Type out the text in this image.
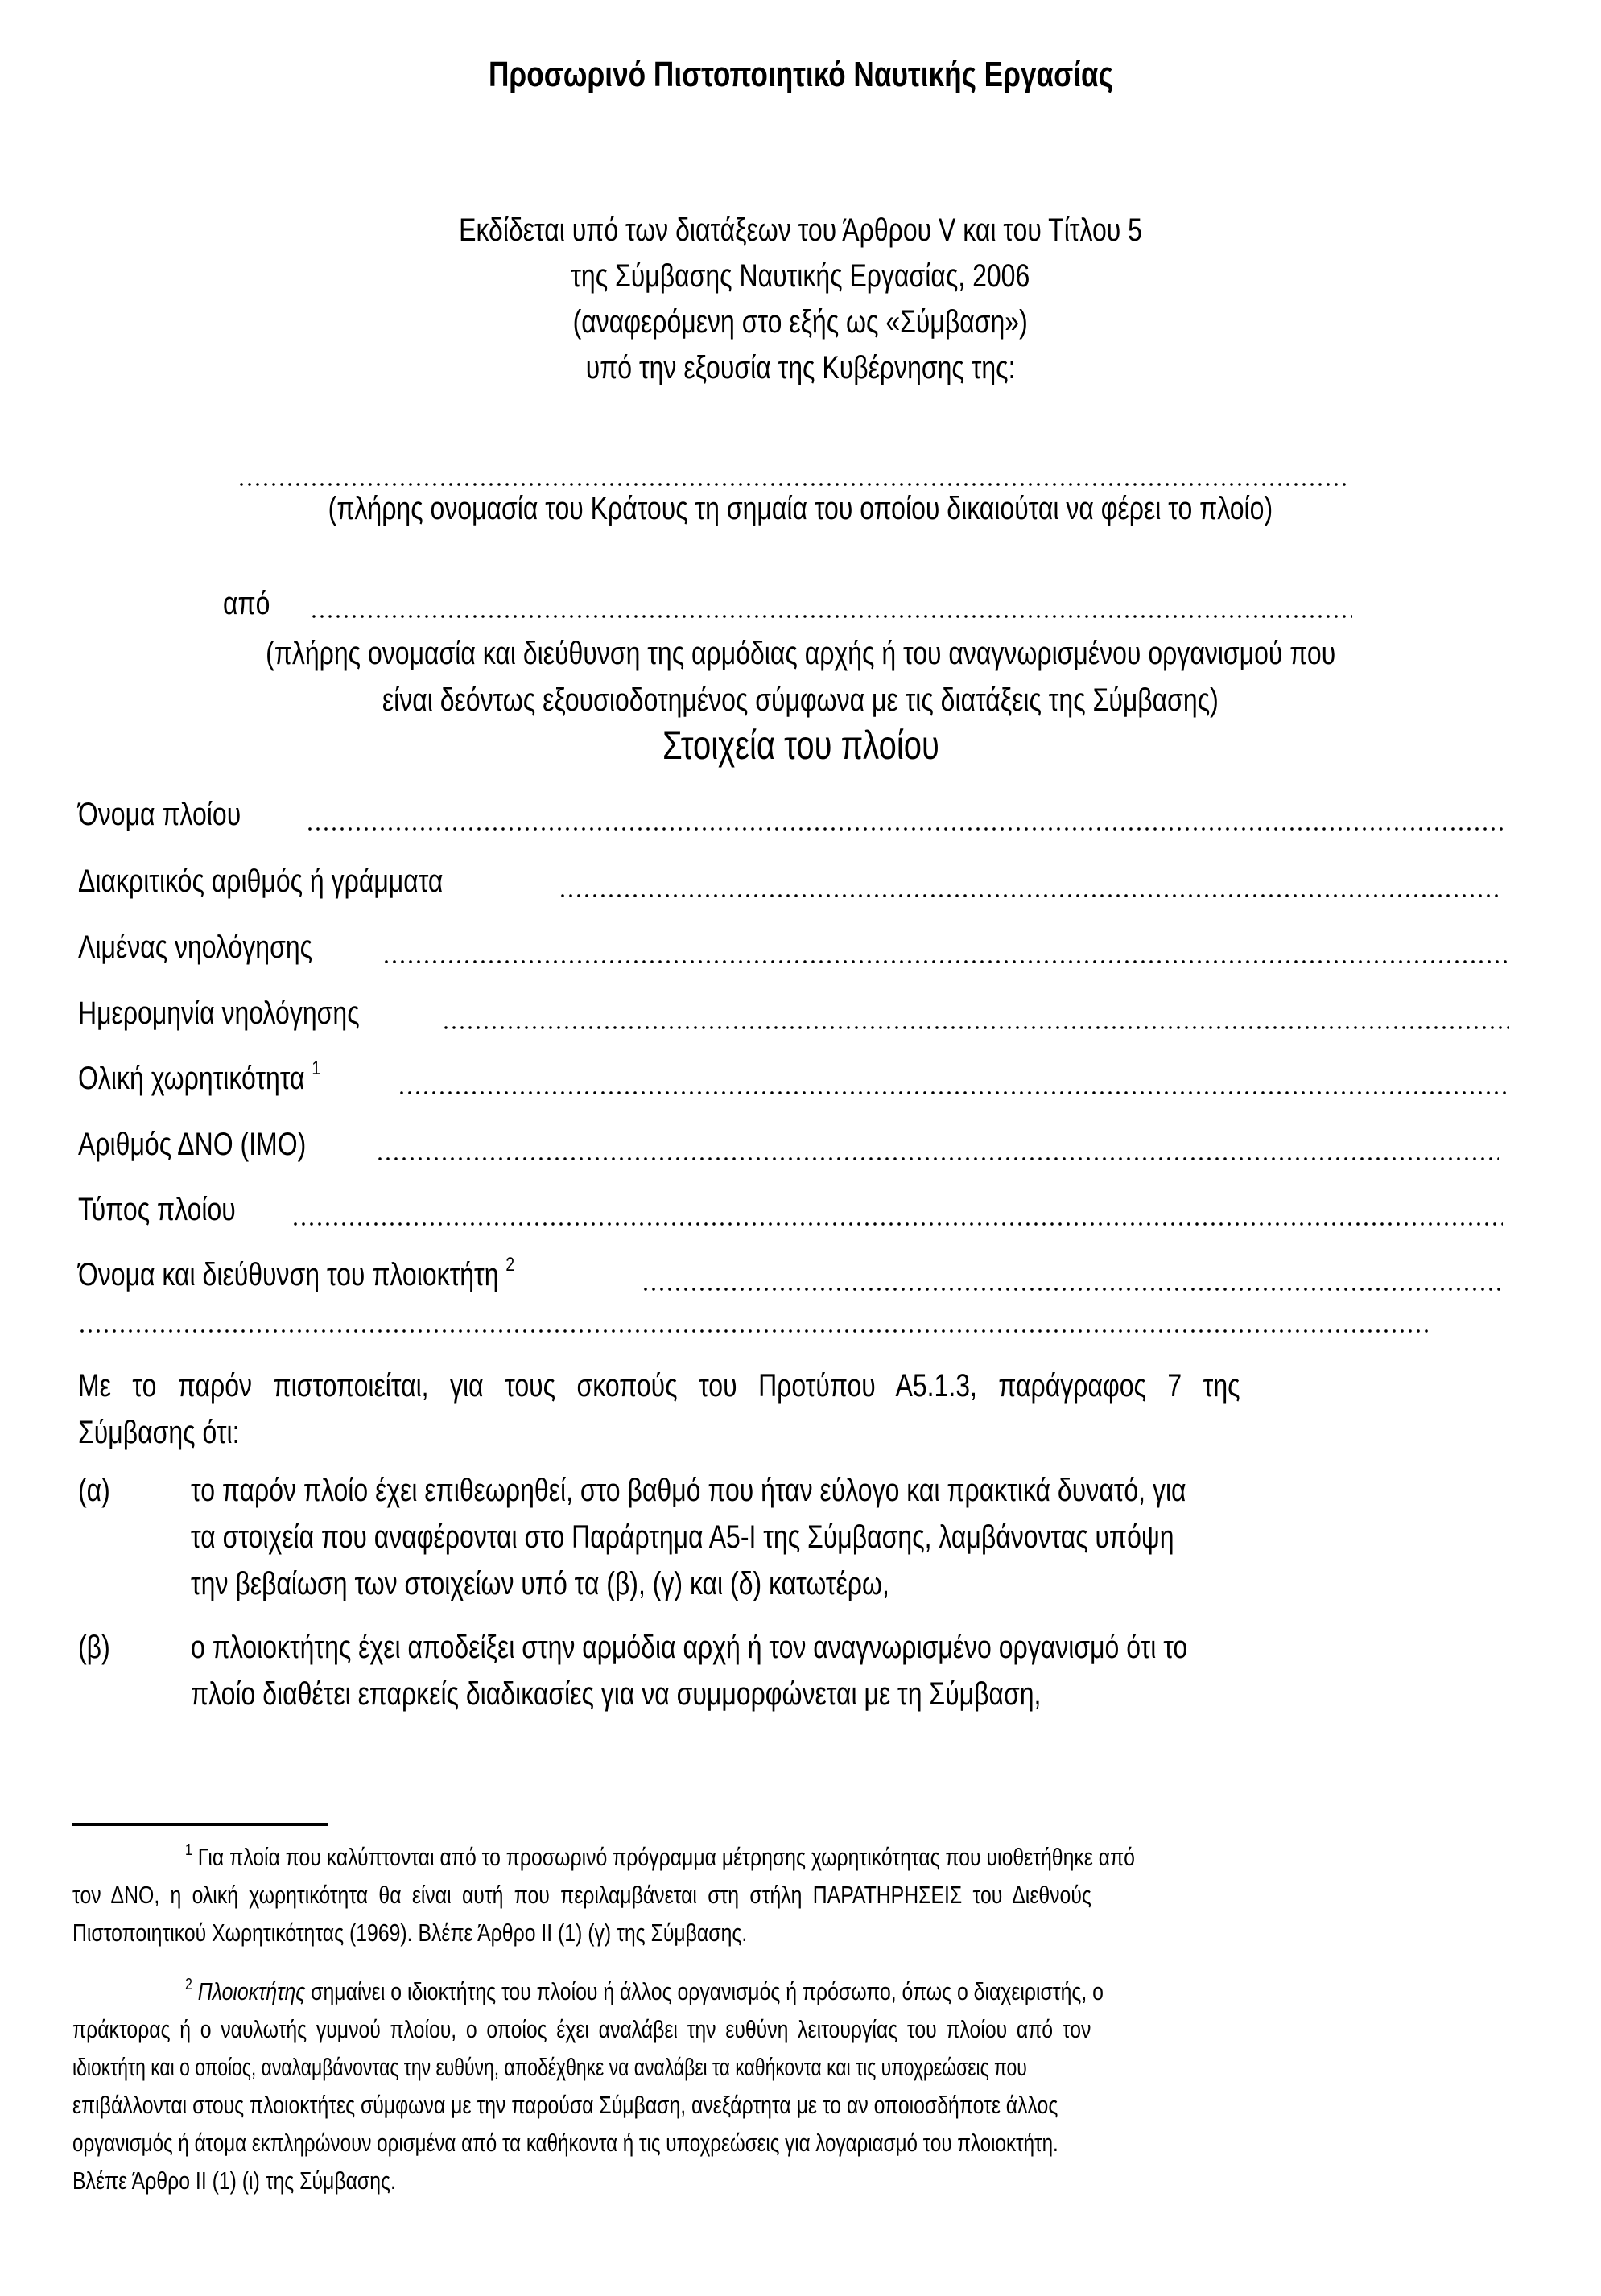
Προσωρινό Πιστοποιητικό Ναυτικής Εργασίας
Εκδίδεται υπό των διατάξεων του Άρθρου V και του Τίτλου 5
της Σύμβασης Ναυτικής Εργασίας, 2006
(αναφερόμενη στο εξής ως «Σύμβαση»)
υπό την εξουσία της Κυβέρνησης της:
(πλήρης ονομασία του Κράτους τη σημαία του οποίου δικαιούται να φέρει το πλοίο)
από
(πλήρης ονομασία και διεύθυνση της αρμόδιας αρχής ή του αναγνωρισμένου οργανισμού που
είναι δεόντως εξουσιοδοτημένος σύμφωνα με τις διατάξεις της Σύμβασης)
Στοιχεία του πλοίου
Όνομα πλοίου
Διακριτικός αριθμός ή γράμματα
Λιμένας νηολόγησης
Ημερομηνία νηολόγησης
Ολική χωρητικότητα $^1$
Αριθμός ΔΝΟ (IMO)
Τύπος πλοίου
Όνομα και διεύθυνση του πλοιοκτήτη $^2$
Με το παρόν πιστοποιείται, για τους σκοπούς του Προτύπου Α5.1.3, παράγραφος 7 της
Σύμβασης ότι:
(α)	το παρόν πλοίο έχει επιθεωρηθεί, στο βαθμό που ήταν εύλογο και πρακτικά δυνατό, για
τα στοιχεία που αναφέρονται στο Παράρτημα Α5-Ι της Σύμβασης, λαμβάνοντας υπόψη
την βεβαίωση των στοιχείων υπό τα (β), (γ) και (δ) κατωτέρω,
(β)	ο πλοιοκτήτης έχει αποδείξει στην αρμόδια αρχή ή τον αναγνωρισμένο οργανισμό ότι το
πλοίο διαθέτει επαρκείς διαδικασίες για να συμμορφώνεται με τη Σύμβαση,
$^1$ Για πλοία που καλύπτονται από το προσωρινό πρόγραμμα μέτρησης χωρητικότητας που υιοθετήθηκε από
τον ΔΝΟ, η ολική χωρητικότητα θα είναι αυτή που περιλαμβάνεται στη στήλη ΠΑΡΑΤΗΡΗΣΕΙΣ του Διεθνούς
Πιστοποιητικού Χωρητικότητας (1969). Βλέπε Άρθρο ΙΙ (1) (γ) της Σύμβασης.
$^2$ Πλοιοκτήτης σημαίνει ο ιδιοκτήτης του πλοίου ή άλλος οργανισμός ή πρόσωπο, όπως ο διαχειριστής, ο
πράκτορας ή ο ναυλωτής γυμνού πλοίου, ο οποίος έχει αναλάβει την ευθύνη λειτουργίας του πλοίου από τον
ιδιοκτήτη και ο οποίος, αναλαμβάνοντας την ευθύνη, αποδέχθηκε να αναλάβει τα καθήκοντα και τις υποχρεώσεις που
επιβάλλονται στους πλοιοκτήτες σύμφωνα με την παρούσα Σύμβαση, ανεξάρτητα με το αν οποιοσδήποτε άλλος
οργανισμός ή άτομα εκπληρώνουν ορισμένα από τα καθήκοντα ή τις υποχρεώσεις για λογαριασμό του πλοιοκτήτη.
Βλέπε Άρθρο ΙΙ (1) (ι) της Σύμβασης.
